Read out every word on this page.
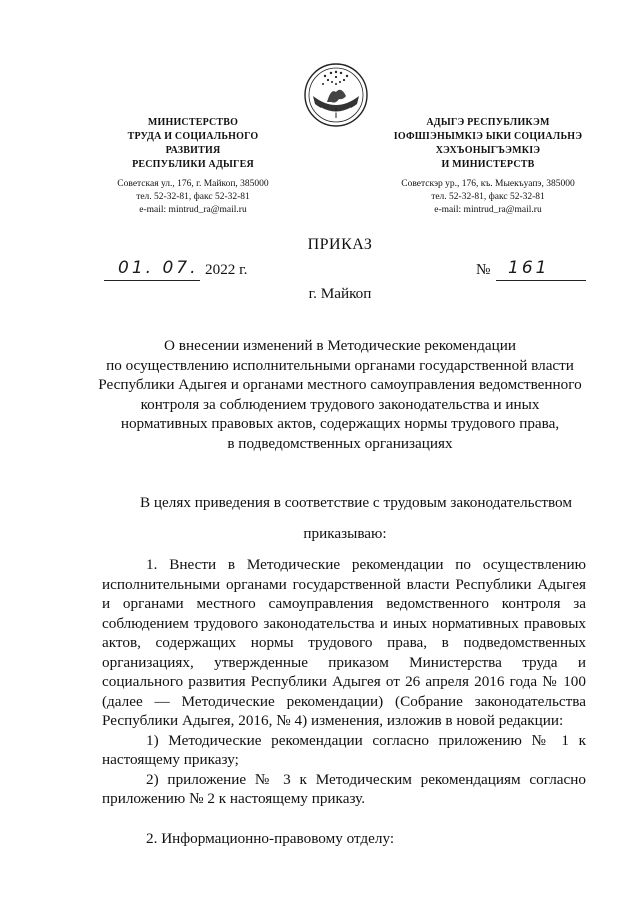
МИНИСТЕРСТВО
ТРУДА И СОЦИАЛЬНОГО
РАЗВИТИЯ
РЕСПУБЛИКИ АДЫГЕЯ
Советская ул., 176, г. Майкоп, 385000
тел. 52-32-81, факс 52-32-81
e-mail: mintrud_ra@mail.ru
АДЫГЭ РЕСПУБЛИКЭМ
ІОФШІЭНЫМКІЭ ЫКИ СОЦИАЛЬНЭ
ХЭХЪОНЫГЪЭМКІЭ
И МИНИСТЕРСТВ
Советскэр ур., 176, къ. Мыекъуапэ, 385000
тел. 52-32-81, факс 52-32-81
e-mail: mintrud_ra@mail.ru
ПРИКАЗ
01. 07. 2022 г.	№ 161
г. Майкоп

О внесении изменений в Методические рекомендации

по осуществлению исполнительными органами государственной власти

Республики Адыгея и органами местного самоуправления ведомственного

контроля за соблюдением трудового законодательства и иных

нормативных правовых актов, содержащих нормы трудового права,

в подведомственных организациях

В целях приведения в соответствие с трудовым законодательством
приказываю:

1. Внести в Методические рекомендации по осуществлению исполнительными органами государственной власти Республики Адыгея и органами местного самоуправления ведомственного контроля за соблюдением трудового законодательства и иных нормативных правовых актов, содержащих нормы трудового права, в подведомственных организациях, утвержденные приказом Министерства труда и социального развития Республики Адыгея от 26 апреля 2016 года № 100 (далее — Методические рекомендации) (Собрание законодательства Республики Адыгея, 2016, № 4) изменения, изложив в новой редакции:

1) Методические рекомендации согласно приложению № 1 к настоящему приказу;

2) приложение № 3 к Методическим рекомендациям согласно приложению № 2 к настоящему приказу.

2. Информационно-правовому отделу:
